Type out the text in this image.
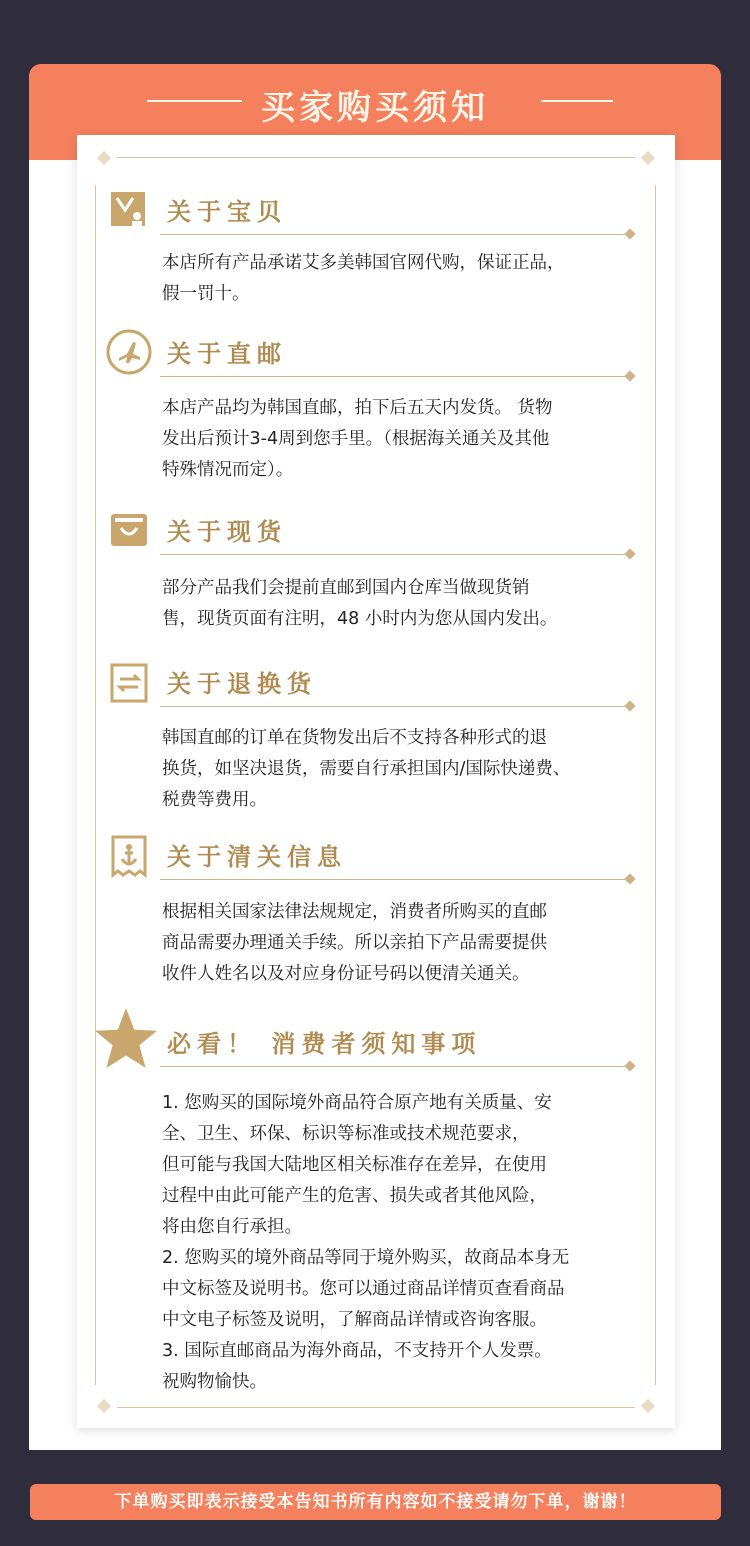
买家购买须知
关于宝贝
本店所有产品承诺艾多美韩国官网代购，保证正品，
假一罚十。
关于直邮
本店产品均为韩国直邮，拍下后五天内发货。 货物
发出后预计3-4周到您手里。（根据海关通关及其他
特殊情况而定）。
关于现货
部分产品我们会提前直邮到国内仓库当做现货销
售，现货页面有注明，48 小时内为您从国内发出。
关于退换货
韩国直邮的订单在货物发出后不支持各种形式的退
换货，如坚决退货，需要自行承担国内/国际快递费、
税费等费用。
关于清关信息
根据相关国家法律法规规定，消费者所购买的直邮
商品需要办理通关手续。所以亲拍下产品需要提供
收件人姓名以及对应身份证号码以便清关通关。
必看！ 消费者须知事项
1. 您购买的国际境外商品符合原产地有关质量、安
全、卫生、环保、标识等标准或技术规范要求，
但可能与我国大陆地区相关标准存在差异，在使用
过程中由此可能产生的危害、损失或者其他风险，
将由您自行承担。
2. 您购买的境外商品等同于境外购买，故商品本身无
中文标签及说明书。您可以通过商品详情页查看商品
中文电子标签及说明，了解商品详情或咨询客服。
3. 国际直邮商品为海外商品，不支持开个人发票。
祝购物愉快。
下单购买即表示接受本告知书所有内容如不接受请勿下单，谢谢！
